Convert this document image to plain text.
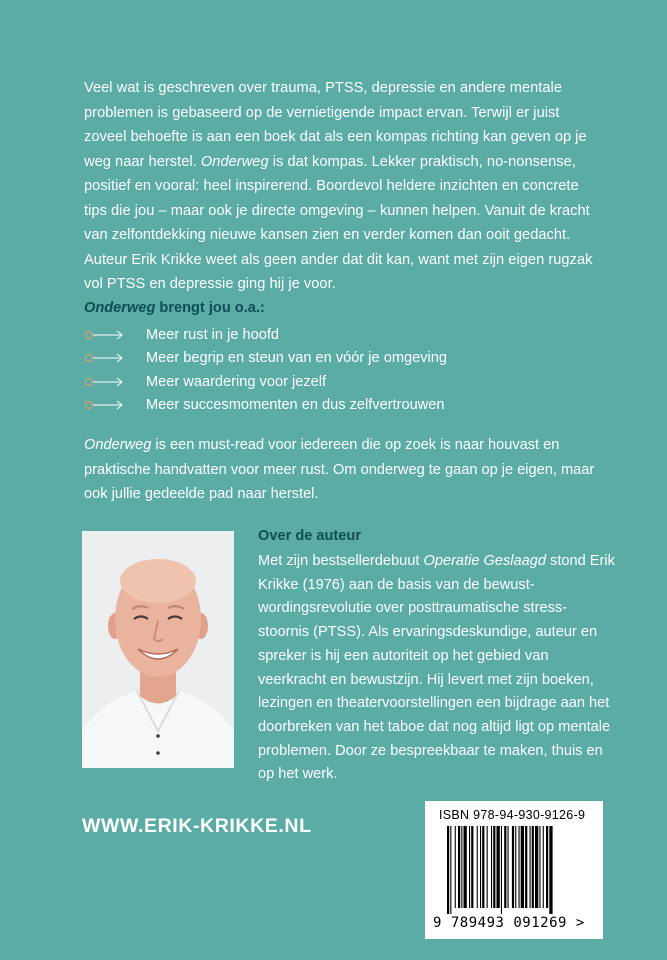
Veel wat is geschreven over trauma, PTSS, depressie en andere mentale problemen is gebaseerd op de vernietigende impact ervan. Terwijl er juist zoveel behoefte is aan een boek dat als een kompas richting kan geven op je weg naar herstel. Onderweg is dat kompas. Lekker praktisch, no-nonsense, positief en vooral: heel inspirerend. Boordevol heldere inzichten en concrete tips die jou – maar ook je directe omgeving – kunnen helpen. Vanuit de kracht van zelfontdekking nieuwe kansen zien en verder komen dan ooit gedacht. Auteur Erik Krikke weet als geen ander dat dit kan, want met zijn eigen rugzak vol PTSS en depressie ging hij je voor.

Onderweg brengt jou o.a.:

Meer rust in je hoofd
Meer begrip en steun van en vóór je omgeving
Meer waardering voor jezelf
Meer succesmomenten en dus zelfvertrouwen

Onderweg is een must-read voor iedereen die op zoek is naar houvast en praktische handvatten voor meer rust. Om onderweg te gaan op je eigen, maar ook jullie gedeelde pad naar herstel.

Over de auteur

Met zijn bestsellerdebuut Operatie Geslaagd stond Erik Krikke (1976) aan de basis van de bewust-wordingsrevolutie over posttraumatische stress-stoornis (PTSS). Als ervaringsdeskundige, auteur en spreker is hij een autoriteit op het gebied van veerkracht en bewustzijn. Hij levert met zijn boeken, lezingen en theatervoorstellingen een bijdrage aan het doorbreken van het taboe dat nog altijd ligt op mentale problemen. Door ze bespreekbaar te maken, thuis en op het werk.

WWW.ERIK-KRIKKE.NL	ISBN 978-94-930-9126-9
9 789493 091269 >
